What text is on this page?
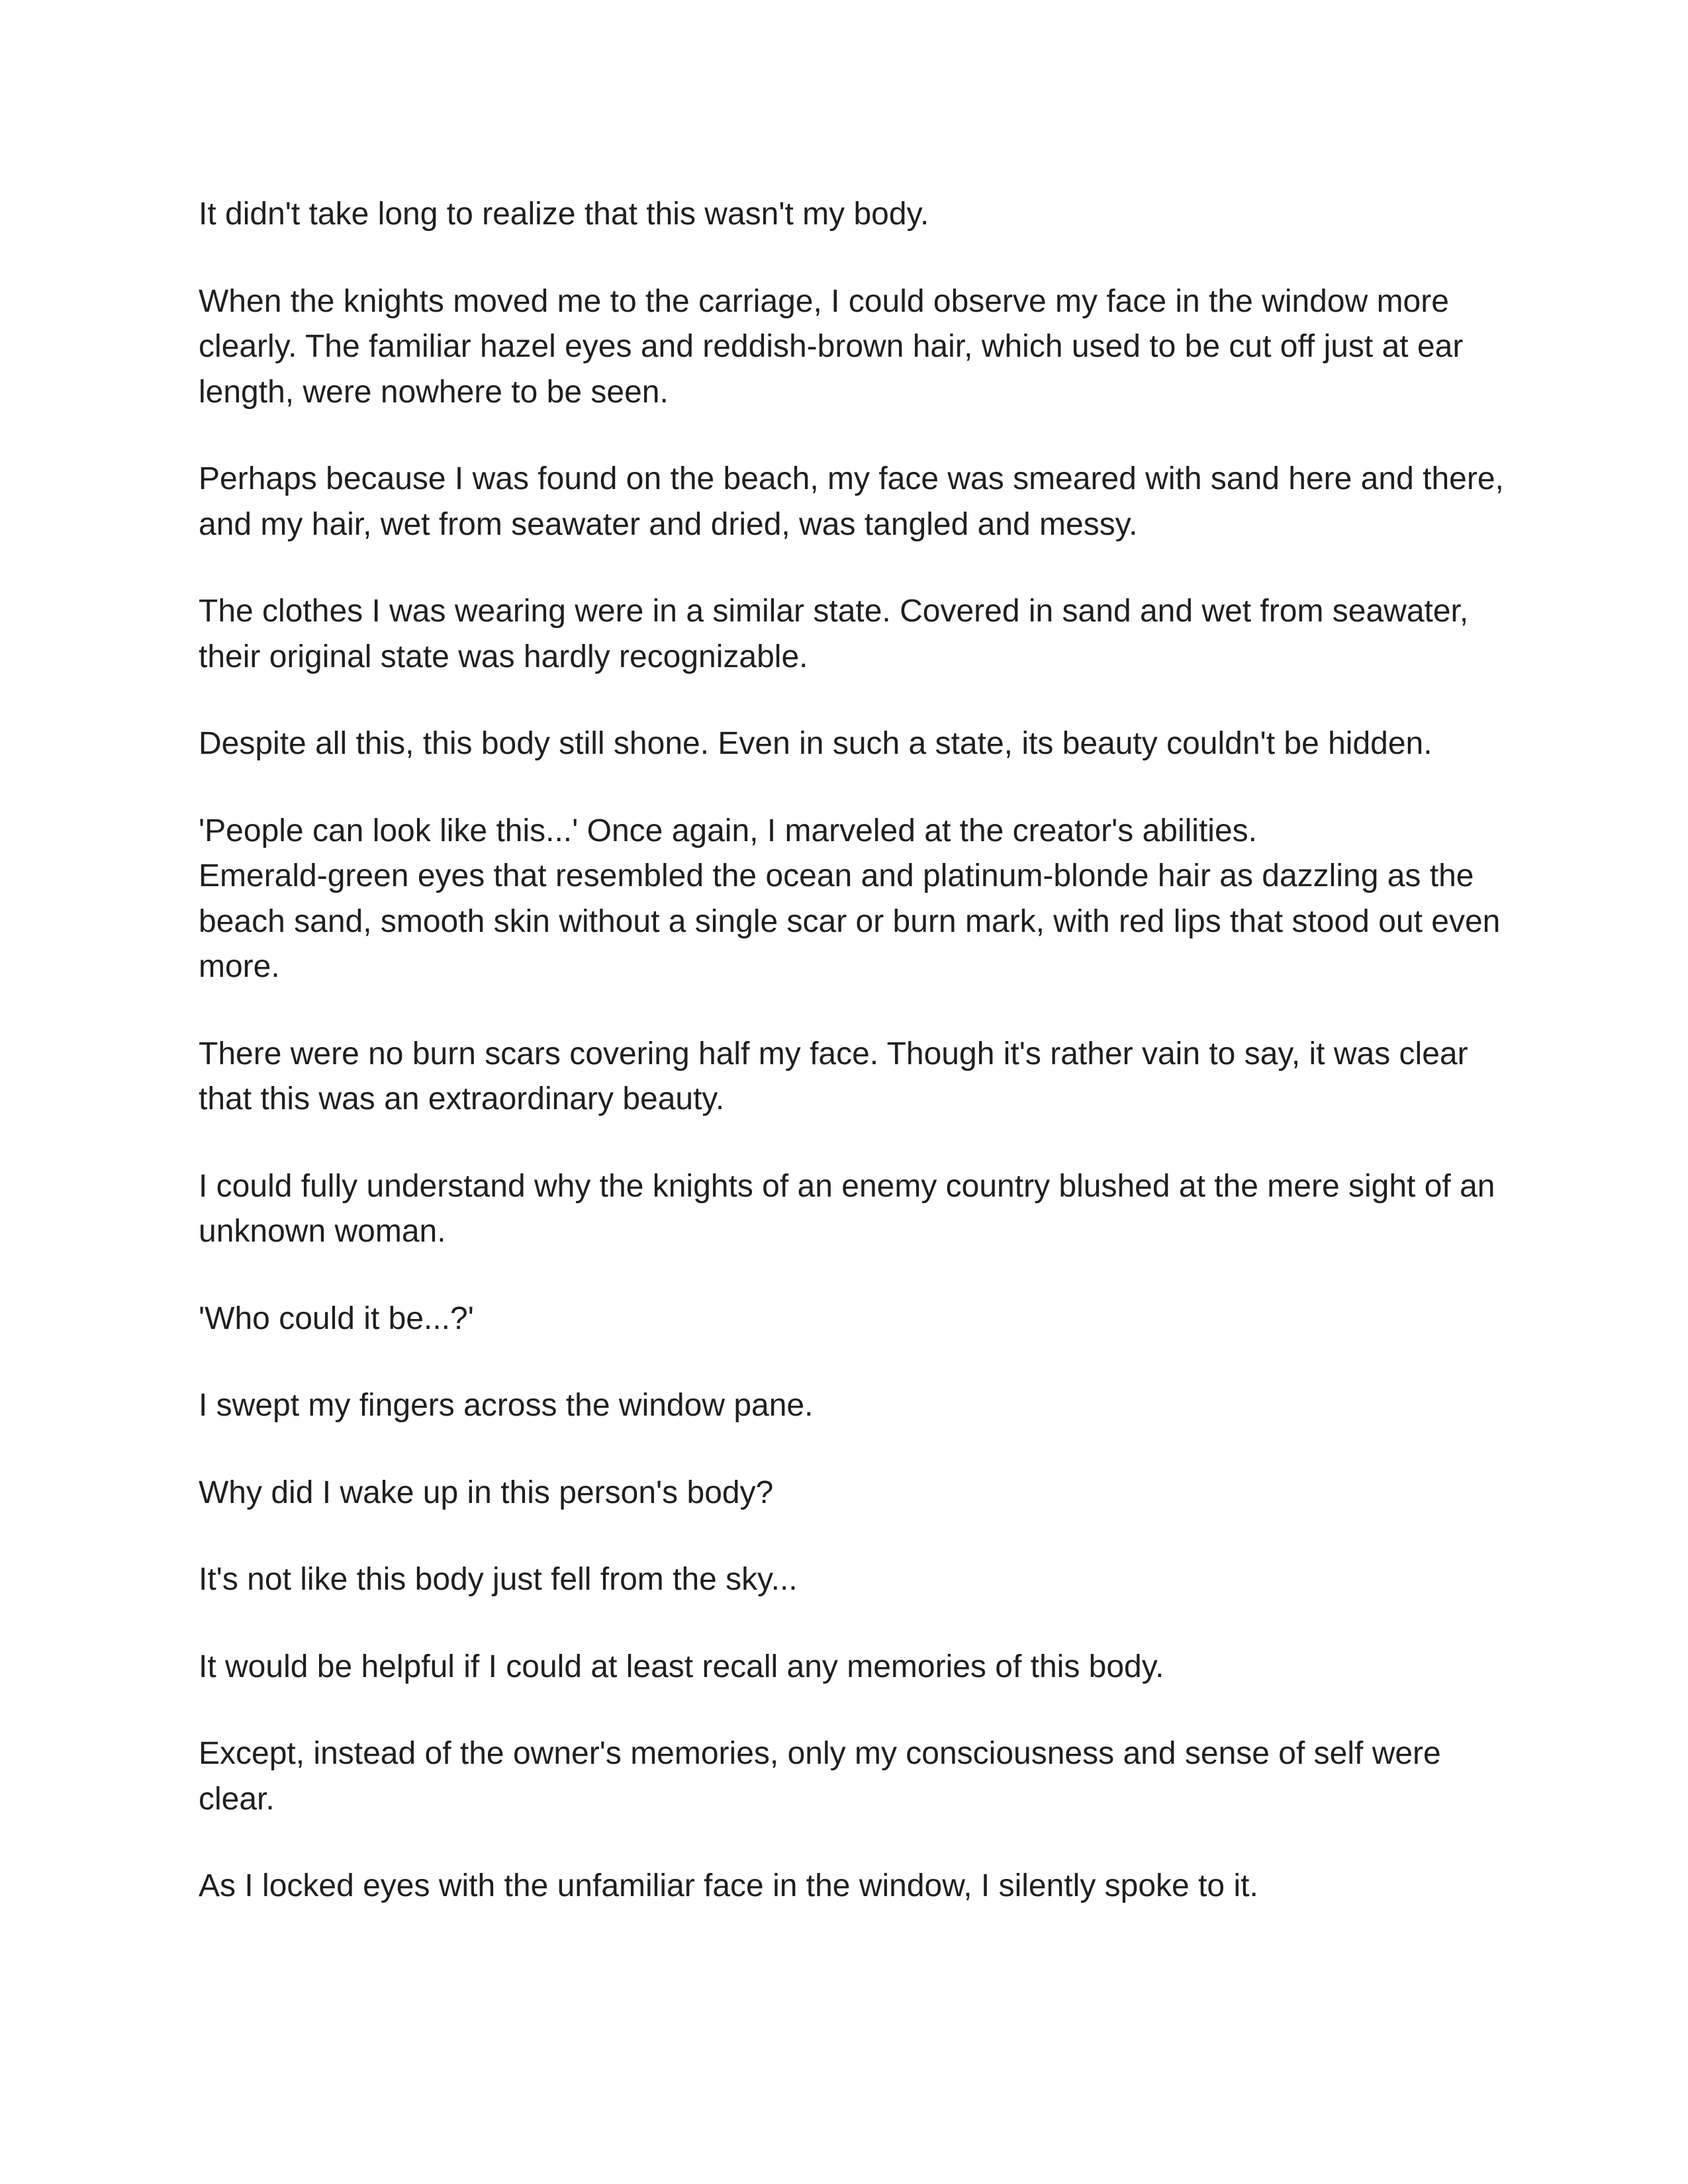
It didn't take long to realize that this wasn't my body.

When the knights moved me to the carriage, I could observe my face in the window more clearly. The familiar hazel eyes and reddish-brown hair, which used to be cut off just at ear length, were nowhere to be seen.

Perhaps because I was found on the beach, my face was smeared with sand here and there, and my hair, wet from seawater and dried, was tangled and messy.

The clothes I was wearing were in a similar state. Covered in sand and wet from seawater, their original state was hardly recognizable.

Despite all this, this body still shone. Even in such a state, its beauty couldn't be hidden.

'People can look like this...' Once again, I marveled at the creator's abilities.
Emerald-green eyes that resembled the ocean and platinum-blonde hair as dazzling as the beach sand, smooth skin without a single scar or burn mark, with red lips that stood out even more.

There were no burn scars covering half my face. Though it's rather vain to say, it was clear that this was an extraordinary beauty.

I could fully understand why the knights of an enemy country blushed at the mere sight of an unknown woman.

'Who could it be...?'

I swept my fingers across the window pane.

Why did I wake up in this person's body?

It's not like this body just fell from the sky...

It would be helpful if I could at least recall any memories of this body.

Except, instead of the owner's memories, only my consciousness and sense of self were clear.

As I locked eyes with the unfamiliar face in the window, I silently spoke to it.
